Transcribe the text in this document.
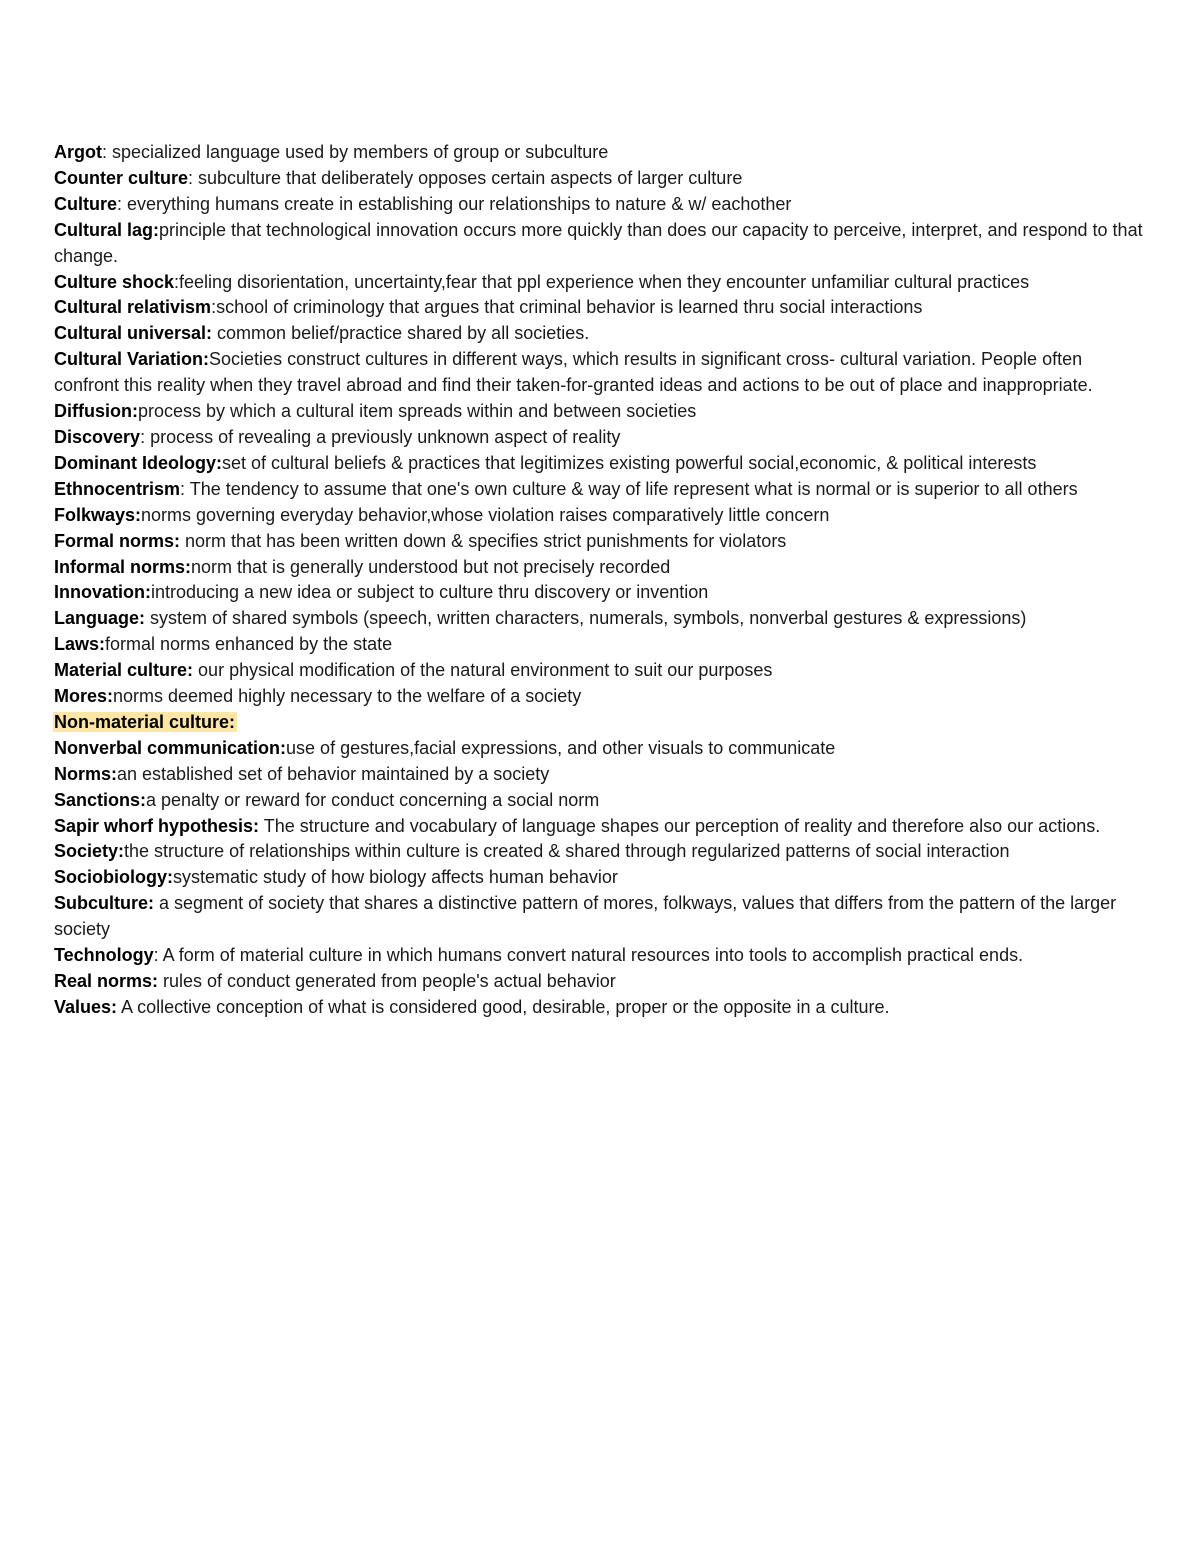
Argot: specialized language used by members of group or subculture
Counter culture: subculture that deliberately opposes certain aspects of larger culture
Culture: everything humans create in establishing our relationships to nature & w/ eachother
Cultural lag:principle that technological innovation occurs more quickly than does our capacity to perceive, interpret, and respond to that change.
Culture shock:feeling disorientation, uncertainty,fear that ppl experience when they encounter unfamiliar cultural practices
Cultural relativism:school of criminology that argues that criminal behavior is learned thru social interactions
Cultural universal: common belief/practice shared by all societies.
Cultural Variation:Societies construct cultures in different ways, which results in significant cross- cultural variation. People often confront this reality when they travel abroad and find their taken-for-granted ideas and actions to be out of place and inappropriate.
Diffusion:process by which a cultural item spreads within and between societies
Discovery: process of revealing a previously unknown aspect of reality
Dominant Ideology:set of cultural beliefs & practices that legitimizes existing powerful social,economic, & political interests
Ethnocentrism: The tendency to assume that one's own culture & way of life represent what is normal or is superior to all others
Folkways:norms governing everyday behavior,whose violation raises comparatively little concern
Formal norms: norm that has been written down & specifies strict punishments for violators
Informal norms:norm that is generally understood but not precisely recorded
Innovation:introducing a new idea or subject to culture thru discovery or invention
Language: system of shared symbols (speech, written characters, numerals, symbols, nonverbal gestures & expressions)
Laws:formal norms enhanced by the state
Material culture: our physical modification of the natural environment to suit our purposes
Mores:norms deemed highly necessary to the welfare of a society
Non-material culture:
Nonverbal communication:use of gestures,facial expressions, and other visuals to communicate
Norms:an established set of behavior maintained by a society
Sanctions:a penalty or reward for conduct concerning a social norm
Sapir whorf hypothesis: The structure and vocabulary of language shapes our perception of reality and therefore also our actions.
Society:the structure of relationships within culture is created & shared through regularized patterns of social interaction
Sociobiology:systematic study of how biology affects human behavior
Subculture: a segment of society that shares a distinctive pattern of mores, folkways, values that differs from the pattern of the larger society
Technology: A form of material culture in which humans convert natural resources into tools to accomplish practical ends.
Real norms: rules of conduct generated from people's actual behavior
Values: A collective conception of what is considered good, desirable, proper or the opposite in a culture.
